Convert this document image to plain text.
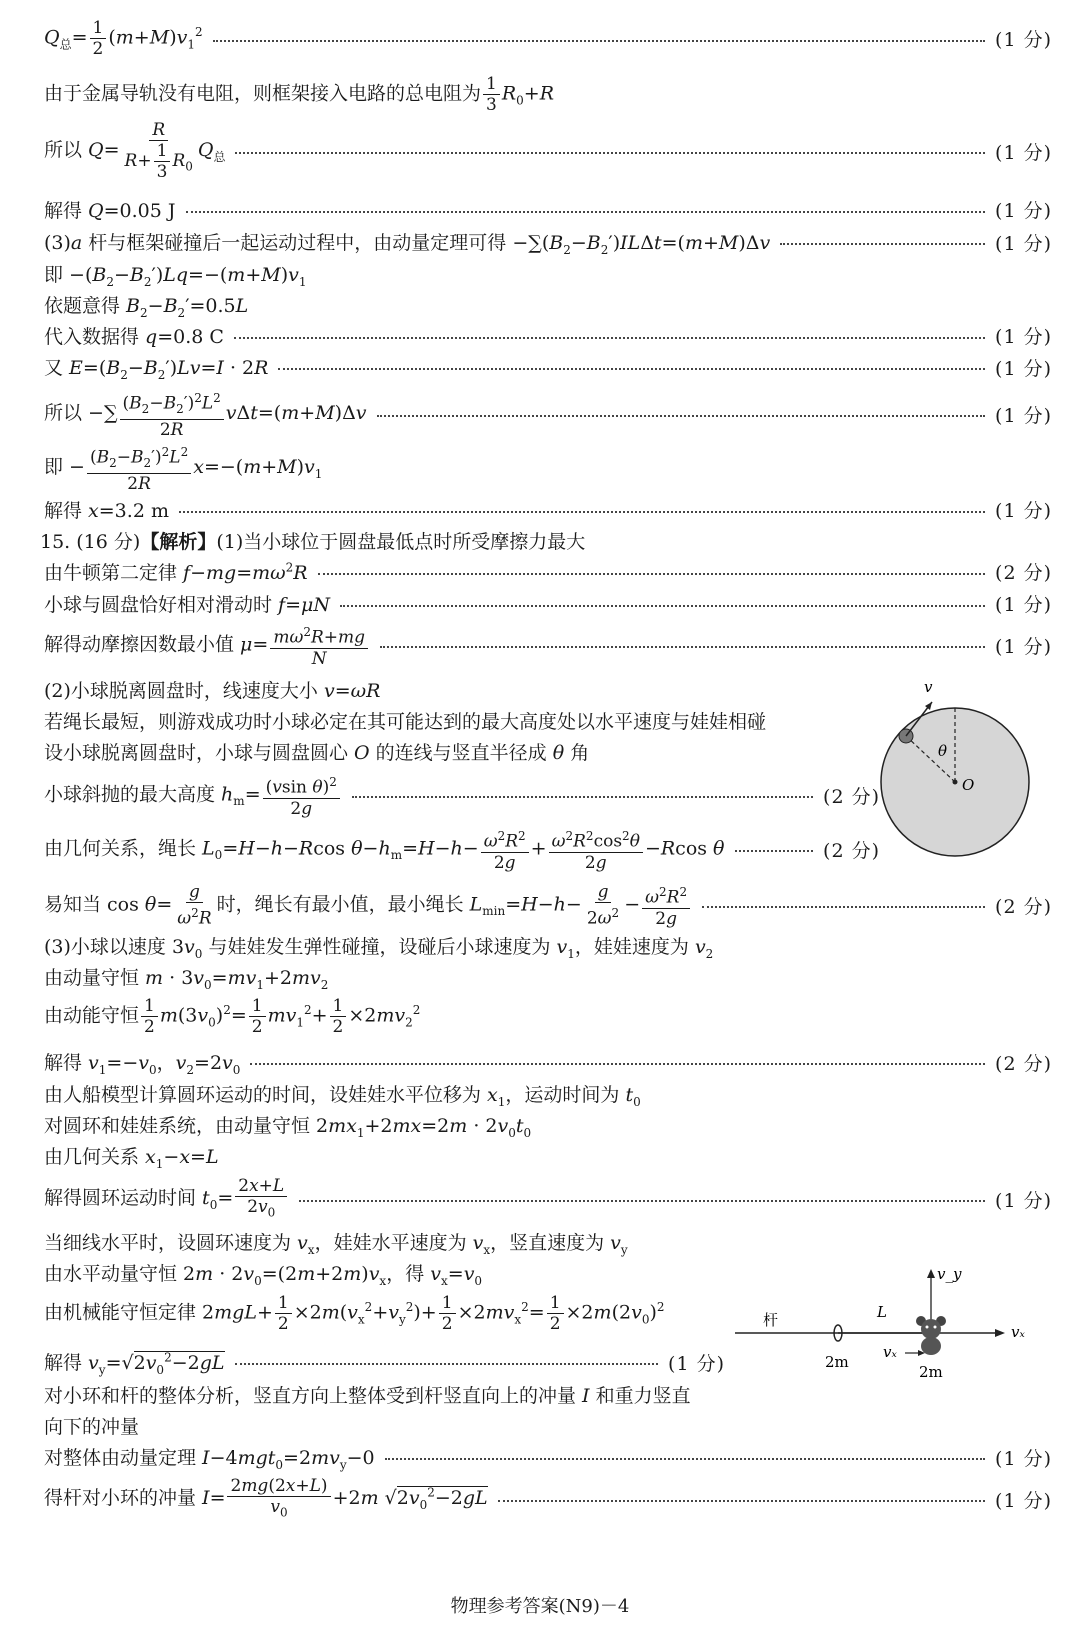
$Q_总= \frac{1}{2} (m+M)v_1^2$	(1 分)
由于金属导轨没有电阻，则框架接入电路的总电阻为 $\frac{1}{3} R_0+R$
所以 $Q= \frac{R}{R+ \frac{1}{3} R_0} Q_总$	(1 分)
解得 Q=0.05 J	(1 分)
(3)a 杆与框架碰撞后一起运动过程中，由动量定理可得 $-\sum(B_2-B_2')IL\Delta t=(m+M)\Delta v$	(1 分)
即 $-(B_2-B_2')Lq=-(m+M)v_1$
依题意得 $B_2-B_2'=0.5L$
代入数据得 q=0.8 C	(1 分)
又 $E=(B_2-B_2')Lv=I \cdot 2R$	(1 分)
所以 −∑ $\frac{(B_2-B_2')^2L^2}{2R} v\Delta t=(m+M)\Delta v$	(1 分)
即 − $\frac{(B_2-B_2')^2L^2}{2R} x=-(m+M)v_1$
解得 x=3.2 m	(1 分)
15. (16 分)【解析】(1)当小球位于圆盘最低点时所受摩擦力最大
由牛顿第二定律 $f-mg=m\omega^2R$	(2 分)
小球与圆盘恰好相对滑动时 f=μN	(1 分)
解得动摩擦因数最小值 $\mu= \frac{m\omega^2R+mg}{N}$	(1 分)
(2)小球脱离圆盘时，线速度大小 v=ωR
若绳长最短，则游戏成功时小球必定在其可能达到的最大高度处以水平速度与娃娃相碰
设小球脱离圆盘时，小球与圆盘圆心 O 的连线与竖直半径成 θ 角
小球斜抛的最大高度 $h_m= \frac{(vsin \theta)^2}{2g}$	(2 分)
由几何关系，绳长 $L_0=H-h-Rcos$ $\theta-h_m=H-h- \frac{\omega^2R^2}{2g} + \frac{\omega^2R^2\cos^2\theta}{2g} -Rcos$ θ	(2 分)
易知当 $\cos \theta= \frac{g}{\omega^2R}$ 时，绳长有最小值，最小绳长 $L_{min}=H-h- \frac{g}{2\omega^2} - \frac{\omega^2R^2}{2g}$	(2 分)
(3)小球以速度 $3v_0$ 与娃娃发生弹性碰撞，设碰后小球速度为 $v_1$，娃娃速度为 $v_2$
由动量守恒 $m \cdot 3v_0=mv_1+2mv_2$
由动能守恒 $\frac{1}{2} m(3v_0)^2= \frac{1}{2} mv_1^2+ \frac{1}{2} \times 2mv_2^2$
解得 $v_1=-v_0$，$v_2=2v_0$	(2 分)
由人船模型计算圆环运动的时间，设娃娃水平位移为 $x_1$，运动时间为 $t_0$
对圆环和娃娃系统，由动量守恒 $2mx_1+2mx=2m \cdot 2v_0t_0$
由几何关系 $x_1-x=L$
解得圆环运动时间 $t_0= \frac{2x+L}{2v_0}$	(1 分)
当细线水平时，设圆环速度为 $v_x$，娃娃水平速度为 $v_x$，竖直速度为 $v_y$
由水平动量守恒 $2m \cdot 2v_0=(2m+2m)v_x$，得 $v_x=v_0$
由机械能守恒定律 $2mgL+ \frac{1}{2} \times 2m(v_x^2+v_y^2)+ \frac{1}{2} \times 2mv_x^2= \frac{1}{2} \times 2m(2v_0)^2$
解得 $v_y=√2v_0^2-2gL$	(1 分)
对小环和杆的整体分析，竖直方向上整体受到杆竖直向上的冲量 I 和重力竖直
向下的冲量
对整体由动量定理 $I-4mgt_0=2mv_y-0$	(1 分)
得杆对小环的冲量 $I= \frac{2mg(2x+L)}{v_0} +2m$ $√2v_0^2-2gL$	(1 分)
v
θ
O
杆	L
2m
2m
vₓ
v_y
vₓ
物理参考答案(N9)－4
